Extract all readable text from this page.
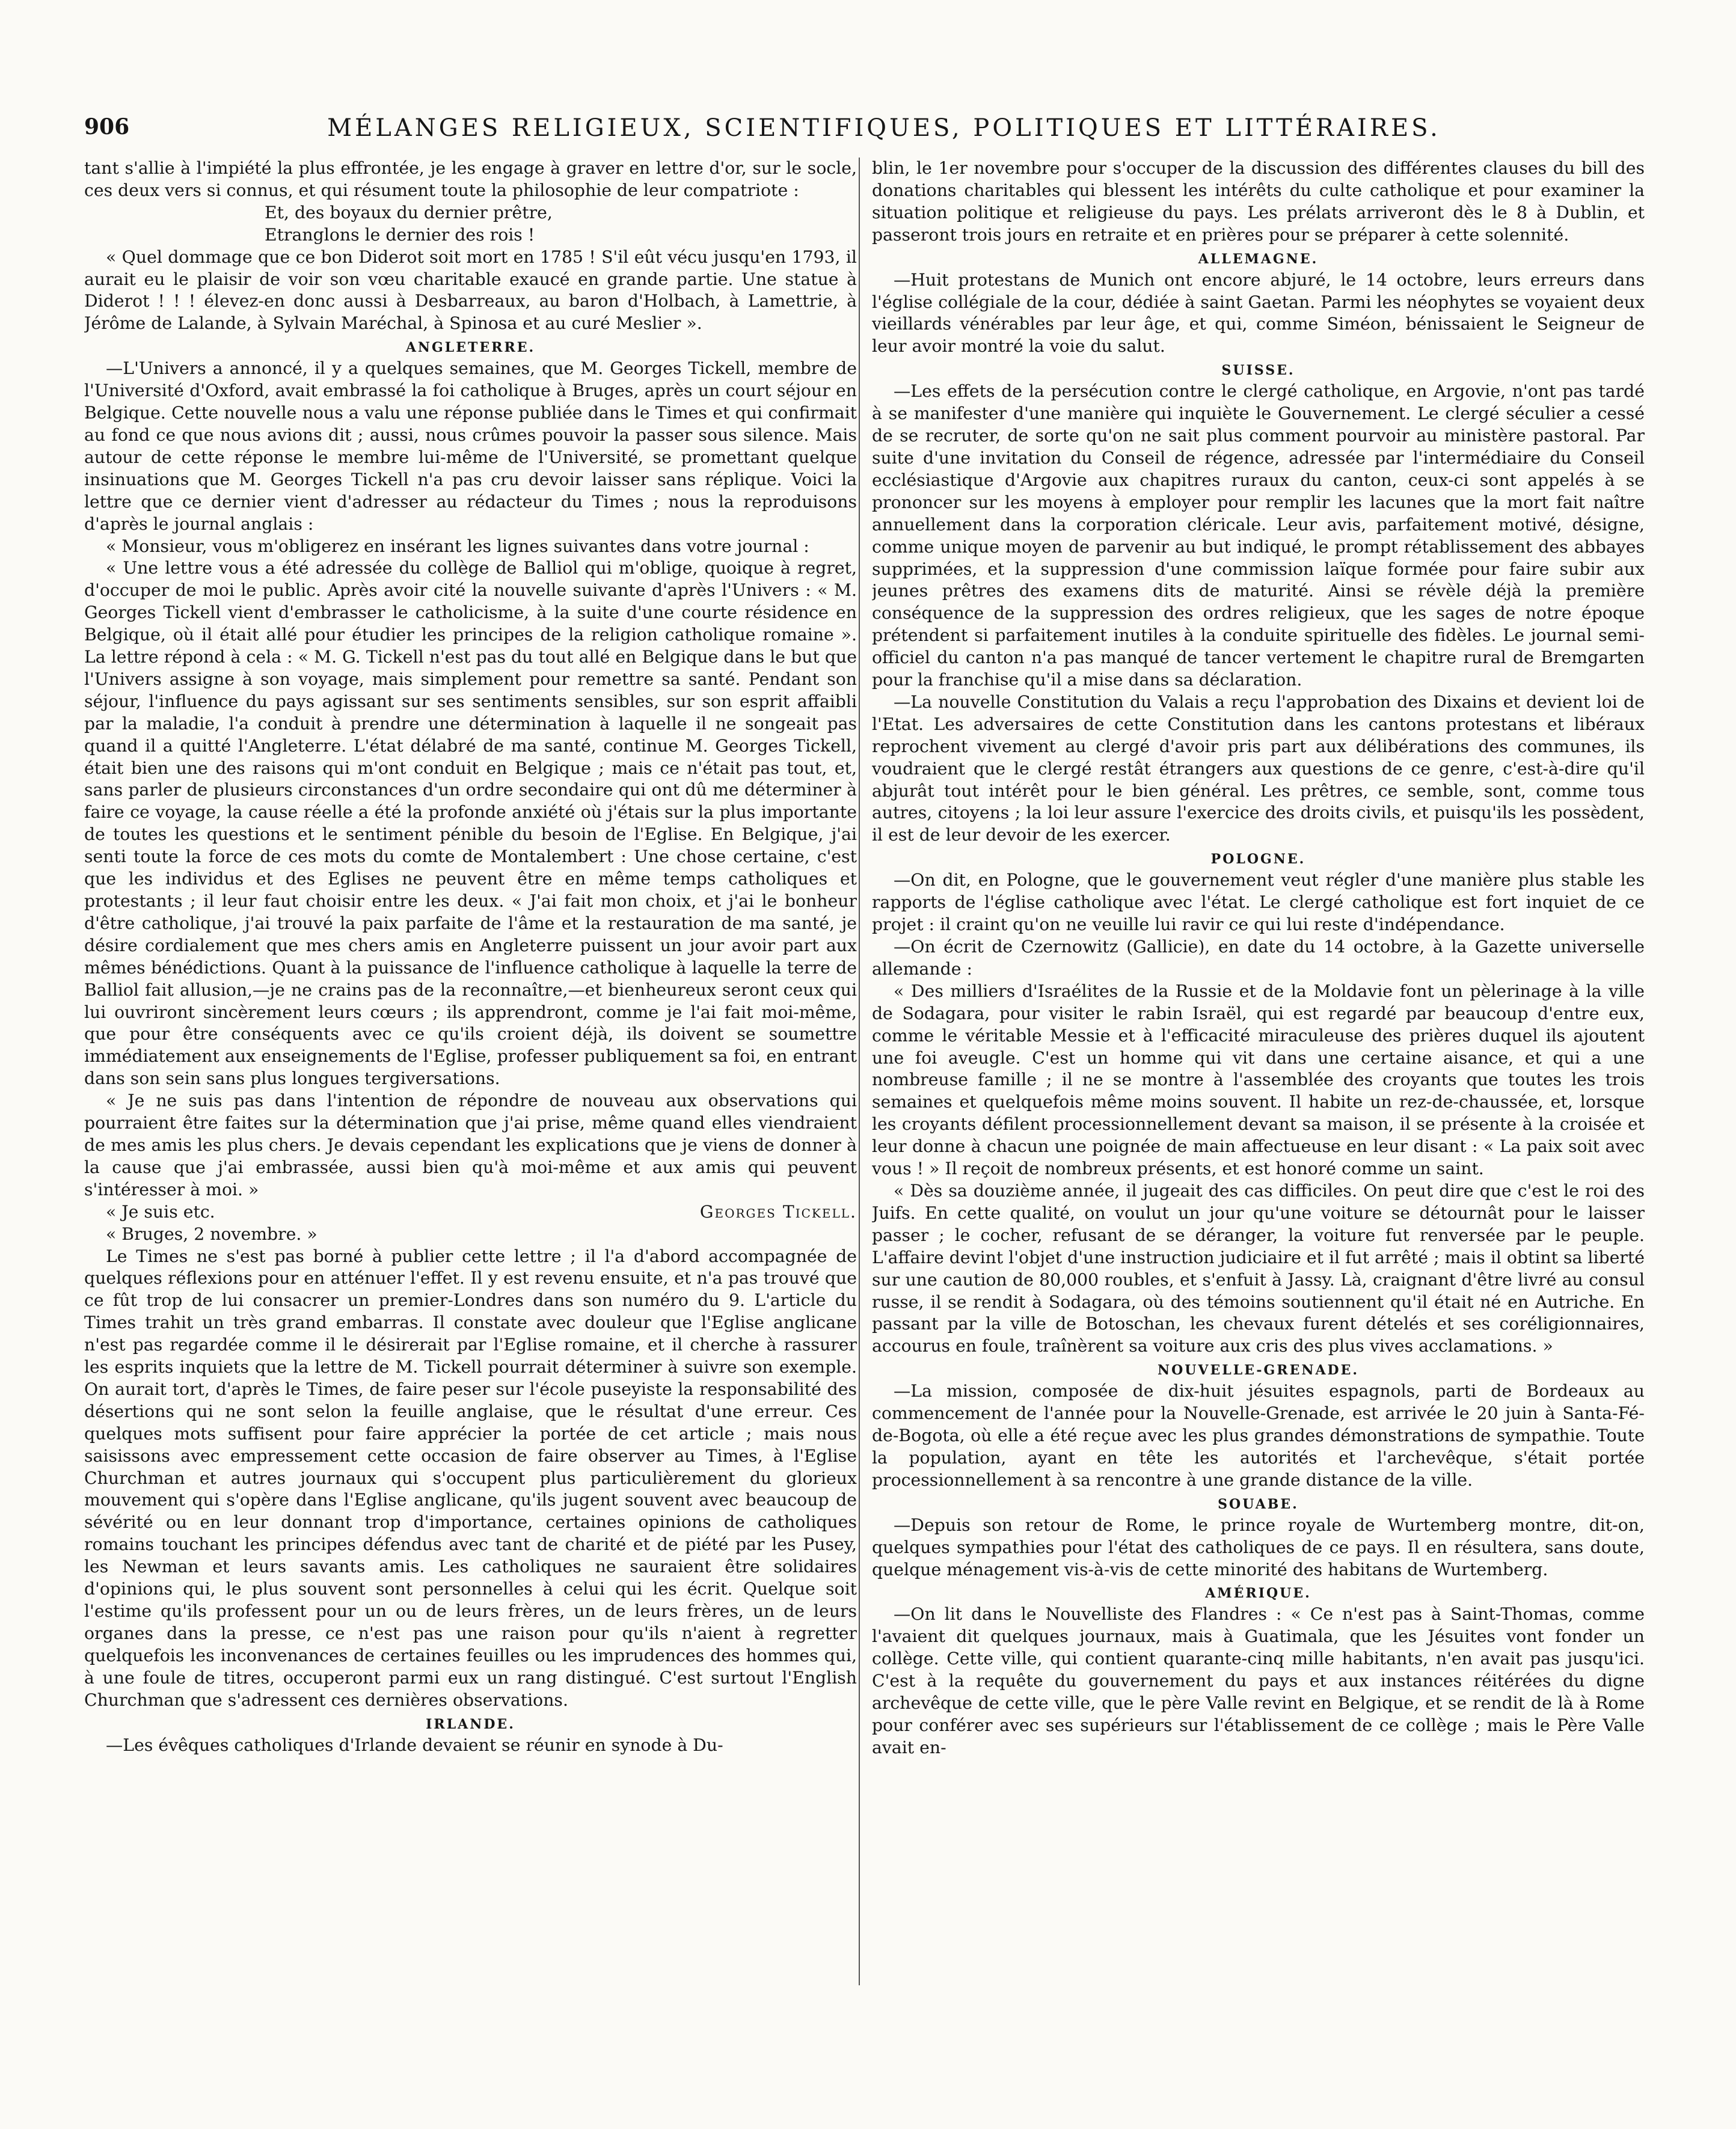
906	MÉLANGES RELIGIEUX, SCIENTIFIQUES, POLITIQUES ET LITTÉRAIRES.

tant s'allie à l'impiété la plus effrontée, je les engage à graver en lettre d'or, sur le socle, ces deux vers si connus, et qui résument toute la philosophie de leur compatriote :

Et, des boyaux du dernier prêtre,

Etranglons le dernier des rois !

« Quel dommage que ce bon Diderot soit mort en 1785 ! S'il eût vécu jusqu'en 1793, il aurait eu le plaisir de voir son vœu charitable exaucé en grande partie. Une statue à Diderot ! ! ! élevez-en donc aussi à Desbarreaux, au baron d'Holbach, à Lamettrie, à Jérôme de Lalande, à Sylvain Maréchal, à Spinosa et au curé Meslier ».

ANGLETERRE.

—L'Univers a annoncé, il y a quelques semaines, que M. Georges Tickell, membre de l'Université d'Oxford, avait embrassé la foi catholique à Bruges, après un court séjour en Belgique. Cette nouvelle nous a valu une réponse publiée dans le Times et qui confirmait au fond ce que nous avions dit ; aussi, nous crûmes pouvoir la passer sous silence. Mais autour de cette réponse le membre lui-même de l'Université, se promettant quelque insinuations que M. Georges Tickell n'a pas cru devoir laisser sans réplique. Voici la lettre que ce dernier vient d'adresser au rédacteur du Times ; nous la reproduisons d'après le journal anglais :

« Monsieur, vous m'obligerez en insérant les lignes suivantes dans votre journal :

« Une lettre vous a été adressée du collège de Balliol qui m'oblige, quoique à regret, d'occuper de moi le public. Après avoir cité la nouvelle suivante d'après l'Univers : « M. Georges Tickell vient d'embrasser le catholicisme, à la suite d'une courte résidence en Belgique, où il était allé pour étudier les principes de la religion catholique romaine ». La lettre répond à cela : « M. G. Tickell n'est pas du tout allé en Belgique dans le but que l'Univers assigne à son voyage, mais simplement pour remettre sa santé. Pendant son séjour, l'influence du pays agissant sur ses sentiments sensibles, sur son esprit affaibli par la maladie, l'a conduit à prendre une détermination à laquelle il ne songeait pas quand il a quitté l'Angleterre. L'état délabré de ma santé, continue M. Georges Tickell, était bien une des raisons qui m'ont conduit en Belgique ; mais ce n'était pas tout, et, sans parler de plusieurs circonstances d'un ordre secondaire qui ont dû me déterminer à faire ce voyage, la cause réelle a été la profonde anxiété où j'étais sur la plus importante de toutes les questions et le sentiment pénible du besoin de l'Eglise. En Belgique, j'ai senti toute la force de ces mots du comte de Montalembert : Une chose certaine, c'est que les individus et des Eglises ne peuvent être en même temps catholiques et protestants ; il leur faut choisir entre les deux. « J'ai fait mon choix, et j'ai le bonheur d'être catholique, j'ai trouvé la paix parfaite de l'âme et la restauration de ma santé, je désire cordialement que mes chers amis en Angleterre puissent un jour avoir part aux mêmes bénédictions. Quant à la puissance de l'influence catholique à laquelle la terre de Balliol fait allusion,—je ne crains pas de la reconnaître,—et bienheureux seront ceux qui lui ouvriront sincèrement leurs cœurs ; ils apprendront, comme je l'ai fait moi-même, que pour être conséquents avec ce qu'ils croient déjà, ils doivent se soumettre immédiatement aux enseignements de l'Eglise, professer publiquement sa foi, en entrant dans son sein sans plus longues tergiversations.

« Je ne suis pas dans l'intention de répondre de nouveau aux observations qui pourraient être faites sur la détermination que j'ai prise, même quand elles viendraient de mes amis les plus chers. Je devais cependant les explications que je viens de donner à la cause que j'ai embrassée, aussi bien qu'à moi-même et aux amis qui peuvent s'intéresser à moi. »

« Je suis etc.	Georges Tickell.

« Bruges, 2 novembre. »

Le Times ne s'est pas borné à publier cette lettre ; il l'a d'abord accompagnée de quelques réflexions pour en atténuer l'effet. Il y est revenu ensuite, et n'a pas trouvé que ce fût trop de lui consacrer un premier-Londres dans son numéro du 9. L'article du Times trahit un très grand embarras. Il constate avec douleur que l'Eglise anglicane n'est pas regardée comme il le désirerait par l'Eglise romaine, et il cherche à rassurer les esprits inquiets que la lettre de M. Tickell pourrait déterminer à suivre son exemple. On aurait tort, d'après le Times, de faire peser sur l'école puseyiste la responsabilité des désertions qui ne sont selon la feuille anglaise, que le résultat d'une erreur. Ces quelques mots suffisent pour faire apprécier la portée de cet article ; mais nous saisissons avec empressement cette occasion de faire observer au Times, à l'Eglise Churchman et autres journaux qui s'occupent plus particulièrement du glorieux mouvement qui s'opère dans l'Eglise anglicane, qu'ils jugent souvent avec beaucoup de sévérité ou en leur donnant trop d'importance, certaines opinions de catholiques romains touchant les principes défendus avec tant de charité et de piété par les Pusey, les Newman et leurs savants amis. Les catholiques ne sauraient être solidaires d'opinions qui, le plus souvent sont personnelles à celui qui les écrit. Quelque soit l'estime qu'ils professent pour un ou de leurs frères, un de leurs frères, un de leurs organes dans la presse, ce n'est pas une raison pour qu'ils n'aient à regretter quelquefois les inconvenances de certaines feuilles ou les imprudences des hommes qui, à une foule de titres, occuperont parmi eux un rang distingué. C'est surtout l'English Churchman que s'adressent ces dernières observations.

IRLANDE.

—Les évêques catholiques d'Irlande devaient se réunir en synode à Du-

blin, le 1er novembre pour s'occuper de la discussion des différentes clauses du bill des donations charitables qui blessent les intérêts du culte catholique et pour examiner la situation politique et religieuse du pays. Les prélats arriveront dès le 8 à Dublin, et passeront trois jours en retraite et en prières pour se préparer à cette solennité.

ALLEMAGNE.

—Huit protestans de Munich ont encore abjuré, le 14 octobre, leurs erreurs dans l'église collégiale de la cour, dédiée à saint Gaetan. Parmi les néophytes se voyaient deux vieillards vénérables par leur âge, et qui, comme Siméon, bénissaient le Seigneur de leur avoir montré la voie du salut.

SUISSE.

—Les effets de la persécution contre le clergé catholique, en Argovie, n'ont pas tardé à se manifester d'une manière qui inquiète le Gouvernement. Le clergé séculier a cessé de se recruter, de sorte qu'on ne sait plus comment pourvoir au ministère pastoral. Par suite d'une invitation du Conseil de régence, adressée par l'intermédiaire du Conseil ecclésiastique d'Argovie aux chapitres ruraux du canton, ceux-ci sont appelés à se prononcer sur les moyens à employer pour remplir les lacunes que la mort fait naître annuellement dans la corporation cléricale. Leur avis, parfaitement motivé, désigne, comme unique moyen de parvenir au but indiqué, le prompt rétablissement des abbayes supprimées, et la suppression d'une commission laïque formée pour faire subir aux jeunes prêtres des examens dits de maturité. Ainsi se révèle déjà la première conséquence de la suppression des ordres religieux, que les sages de notre époque prétendent si parfaitement inutiles à la conduite spirituelle des fidèles. Le journal semi-officiel du canton n'a pas manqué de tancer vertement le chapitre rural de Bremgarten pour la franchise qu'il a mise dans sa déclaration.

—La nouvelle Constitution du Valais a reçu l'approbation des Dixains et devient loi de l'Etat. Les adversaires de cette Constitution dans les cantons protestans et libéraux reprochent vivement au clergé d'avoir pris part aux délibérations des communes, ils voudraient que le clergé restât étrangers aux questions de ce genre, c'est-à-dire qu'il abjurât tout intérêt pour le bien général. Les prêtres, ce semble, sont, comme tous autres, citoyens ; la loi leur assure l'exercice des droits civils, et puisqu'ils les possèdent, il est de leur devoir de les exercer.

POLOGNE.

—On dit, en Pologne, que le gouvernement veut régler d'une manière plus stable les rapports de l'église catholique avec l'état. Le clergé catholique est fort inquiet de ce projet : il craint qu'on ne veuille lui ravir ce qui lui reste d'indépendance.

—On écrit de Czernowitz (Gallicie), en date du 14 octobre, à la Gazette universelle allemande :

« Des milliers d'Israélites de la Russie et de la Moldavie font un pèlerinage à la ville de Sodagara, pour visiter le rabin Israël, qui est regardé par beaucoup d'entre eux, comme le véritable Messie et à l'efficacité miraculeuse des prières duquel ils ajoutent une foi aveugle. C'est un homme qui vit dans une certaine aisance, et qui a une nombreuse famille ; il ne se montre à l'assemblée des croyants que toutes les trois semaines et quelquefois même moins souvent. Il habite un rez-de-chaussée, et, lorsque les croyants défilent processionnellement devant sa maison, il se présente à la croisée et leur donne à chacun une poignée de main affectueuse en leur disant : « La paix soit avec vous ! » Il reçoit de nombreux présents, et est honoré comme un saint.

« Dès sa douzième année, il jugeait des cas difficiles. On peut dire que c'est le roi des Juifs. En cette qualité, on voulut un jour qu'une voiture se détournât pour le laisser passer ; le cocher, refusant de se déranger, la voiture fut renversée par le peuple. L'affaire devint l'objet d'une instruction judiciaire et il fut arrêté ; mais il obtint sa liberté sur une caution de 80,000 roubles, et s'enfuit à Jassy. Là, craignant d'être livré au consul russe, il se rendit à Sodagara, où des témoins soutiennent qu'il était né en Autriche. En passant par la ville de Botoschan, les chevaux furent dételés et ses coréligionnaires, accourus en foule, traînèrent sa voiture aux cris des plus vives acclamations. »

NOUVELLE-GRENADE.

—La mission, composée de dix-huit jésuites espagnols, parti de Bordeaux au commencement de l'année pour la Nouvelle-Grenade, est arrivée le 20 juin à Santa-Fé-de-Bogota, où elle a été reçue avec les plus grandes démonstrations de sympathie. Toute la population, ayant en tête les autorités et l'archevêque, s'était portée processionnellement à sa rencontre à une grande distance de la ville.

SOUABE.

—Depuis son retour de Rome, le prince royale de Wurtemberg montre, dit-on, quelques sympathies pour l'état des catholiques de ce pays. Il en résultera, sans doute, quelque ménagement vis-à-vis de cette minorité des habitans de Wurtemberg.

AMÉRIQUE.

—On lit dans le Nouvelliste des Flandres : « Ce n'est pas à Saint-Thomas, comme l'avaient dit quelques journaux, mais à Guatimala, que les Jésuites vont fonder un collège. Cette ville, qui contient quarante-cinq mille habitants, n'en avait pas jusqu'ici. C'est à la requête du gouvernement du pays et aux instances réitérées du digne archevêque de cette ville, que le père Valle revint en Belgique, et se rendit de là à Rome pour conférer avec ses supérieurs sur l'établissement de ce collège ; mais le Père Valle avait en-
